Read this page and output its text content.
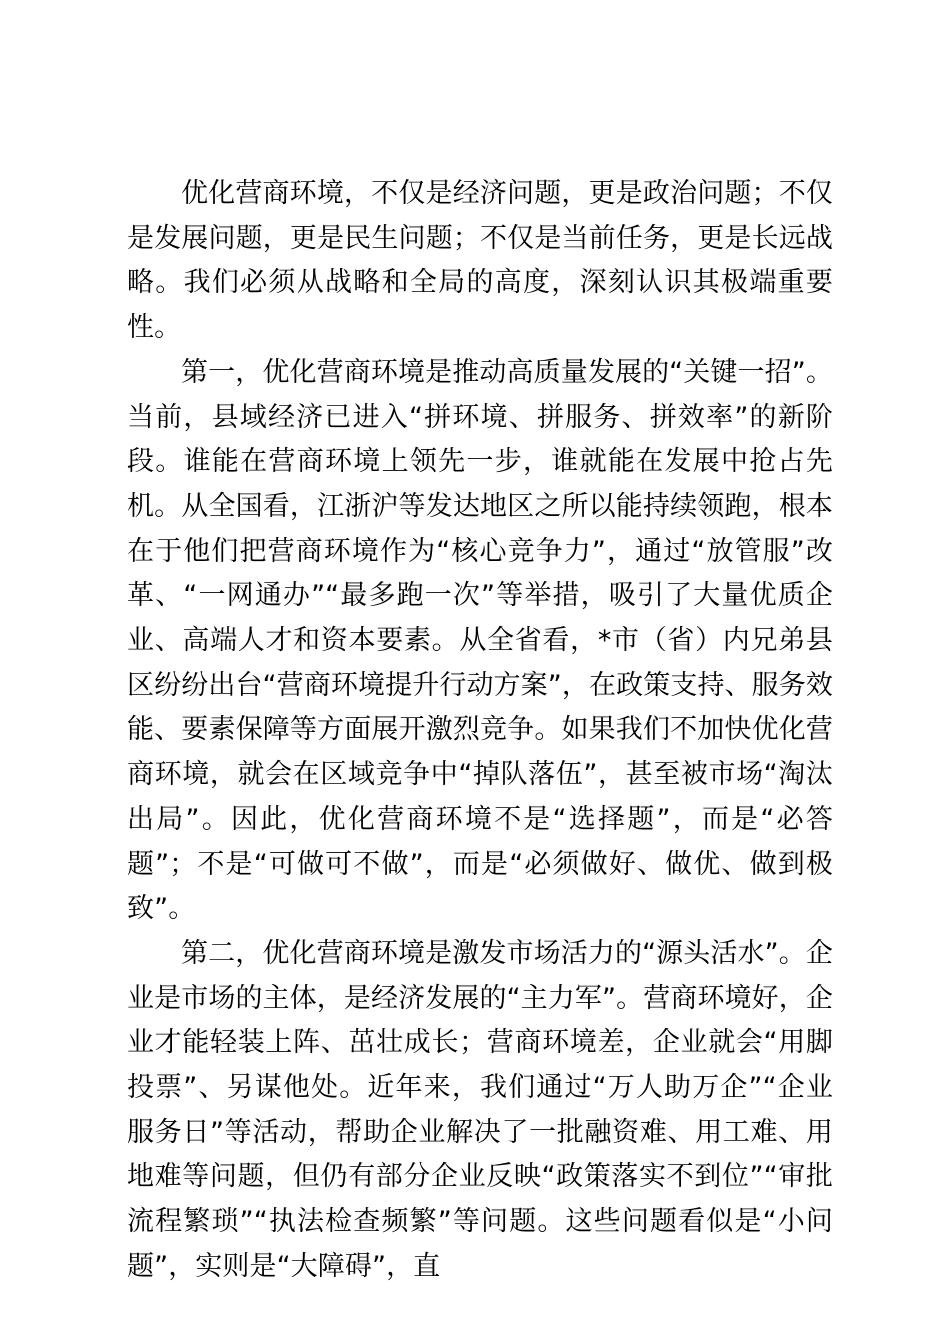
优化营商环境，不仅是经济问题，更是政治问题；不仅是发展问题，更是民生问题；不仅是当前任务，更是长远战略。我们必须从战略和全局的高度，深刻认识其极端重要性。

第一，优化营商环境是推动高质量发展的“关键一招”。当前，县域经济已进入“拼环境、拼服务、拼效率”的新阶段。谁能在营商环境上领先一步，谁就能在发展中抢占先机。从全国看，江浙沪等发达地区之所以能持续领跑，根本在于他们把营商环境作为“核心竞争力”，通过“放管服”改革、“一网通办”“最多跑一次”等举措，吸引了大量优质企业、高端人才和资本要素。从全省看，*市（省）内兄弟县区纷纷出台“营商环境提升行动方案”，在政策支持、服务效能、要素保障等方面展开激烈竞争。如果我们不加快优化营商环境，就会在区域竞争中“掉队落伍”，甚至被市场“淘汰出局”。因此，优化营商环境不是“选择题”，而是“必答题”；不是“可做可不做”，而是“必须做好、做优、做到极致”。

第二，优化营商环境是激发市场活力的“源头活水”。企业是市场的主体，是经济发展的“主力军”。营商环境好，企业才能轻装上阵、茁壮成长；营商环境差，企业就会“用脚投票”、另谋他处。近年来，我们通过“万人助万企”“企业服务日”等活动，帮助企业解决了一批融资难、用工难、用地难等问题，但仍有部分企业反映“政策落实不到位”“审批流程繁琐”“执法检查频繁”等问题。这些问题看似是“小问题”，实则是“大障碍”，直
